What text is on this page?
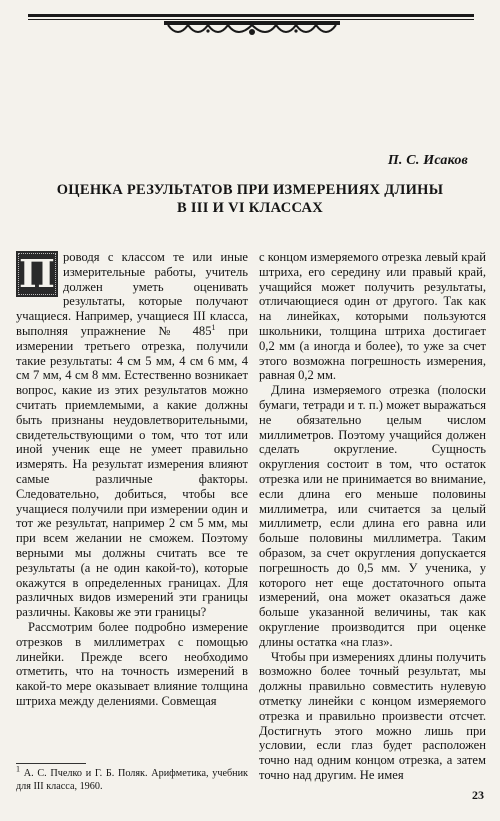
П. С. Исаков
ОЦЕНКА РЕЗУЛЬТАТОВ ПРИ ИЗМЕРЕНИЯХ ДЛИНЫ
В III И VI КЛАССАХ

П роводя с классом те или иные измерительные работы, учитель должен уметь оценивать результаты, которые получают учащиеся. Например, учащиеся III класса, выполняя упражнение № 485$^1$ при измерении третьего отрезка, получили такие результаты: 4 см 5 мм, 4 см 6 мм, 4 см 7 мм, 4 см 8 мм. Естественно возникает вопрос, какие из этих результатов можно считать приемлемыми, а какие должны быть признаны неудовлетворительными, свидетельствующими о том, что тот или иной ученик еще не умеет правильно измерять. На результат измерения влияют самые различные факторы. Следовательно, добиться, чтобы все учащиеся получили при измерении один и тот же результат, например 2 см 5 мм, мы при всем желании не сможем. Поэтому верными мы должны считать все те результаты (а не один какой-то), которые окажутся в определенных границах. Для различных видов измерений эти границы различны. Каковы же эти границы?

Рассмотрим более подробно измерение отрезков в миллиметрах с помощью линейки. Прежде всего необходимо отметить, что на точность измерений в какой-то мере оказывает влияние толщина штриха между делениями. Совмещая

с концом измеряемого отрезка левый край штриха, его середину или правый край, учащийся может получить результаты, отличающиеся один от другого. Так как на линейках, которыми пользуются школьники, толщина штриха достигает 0,2 мм (а иногда и более), то уже за счет этого возможна погрешность измерения, равная 0,2 мм.

Длина измеряемого отрезка (полоски бумаги, тетради и т. п.) может выражаться не обязательно целым числом миллиметров. Поэтому учащийся должен сделать округление. Сущность округления состоит в том, что остаток отрезка или не принимается во внимание, если длина его меньше половины миллиметра, или считается за целый миллиметр, если длина его равна или больше половины миллиметра. Таким образом, за счет округления допускается погрешность до 0,5 мм. У ученика, у которого нет еще достаточного опыта измерений, она может оказаться даже больше указанной величины, так как округление производится при оценке длины остатка «на глаз».

Чтобы при измерениях длины получить возможно более точный результат, мы должны правильно совместить нулевую отметку линейки с концом измеряемого отрезка и правильно произвести отсчет. Достигнуть этого можно лишь при условии, если глаз будет расположен точно над одним концом отрезка, а затем точно над другим. Не имея

$^1$ А. С. Пчелко и Г. Б. Поляк. Арифметика, учебник для III класса, 1960.
23
